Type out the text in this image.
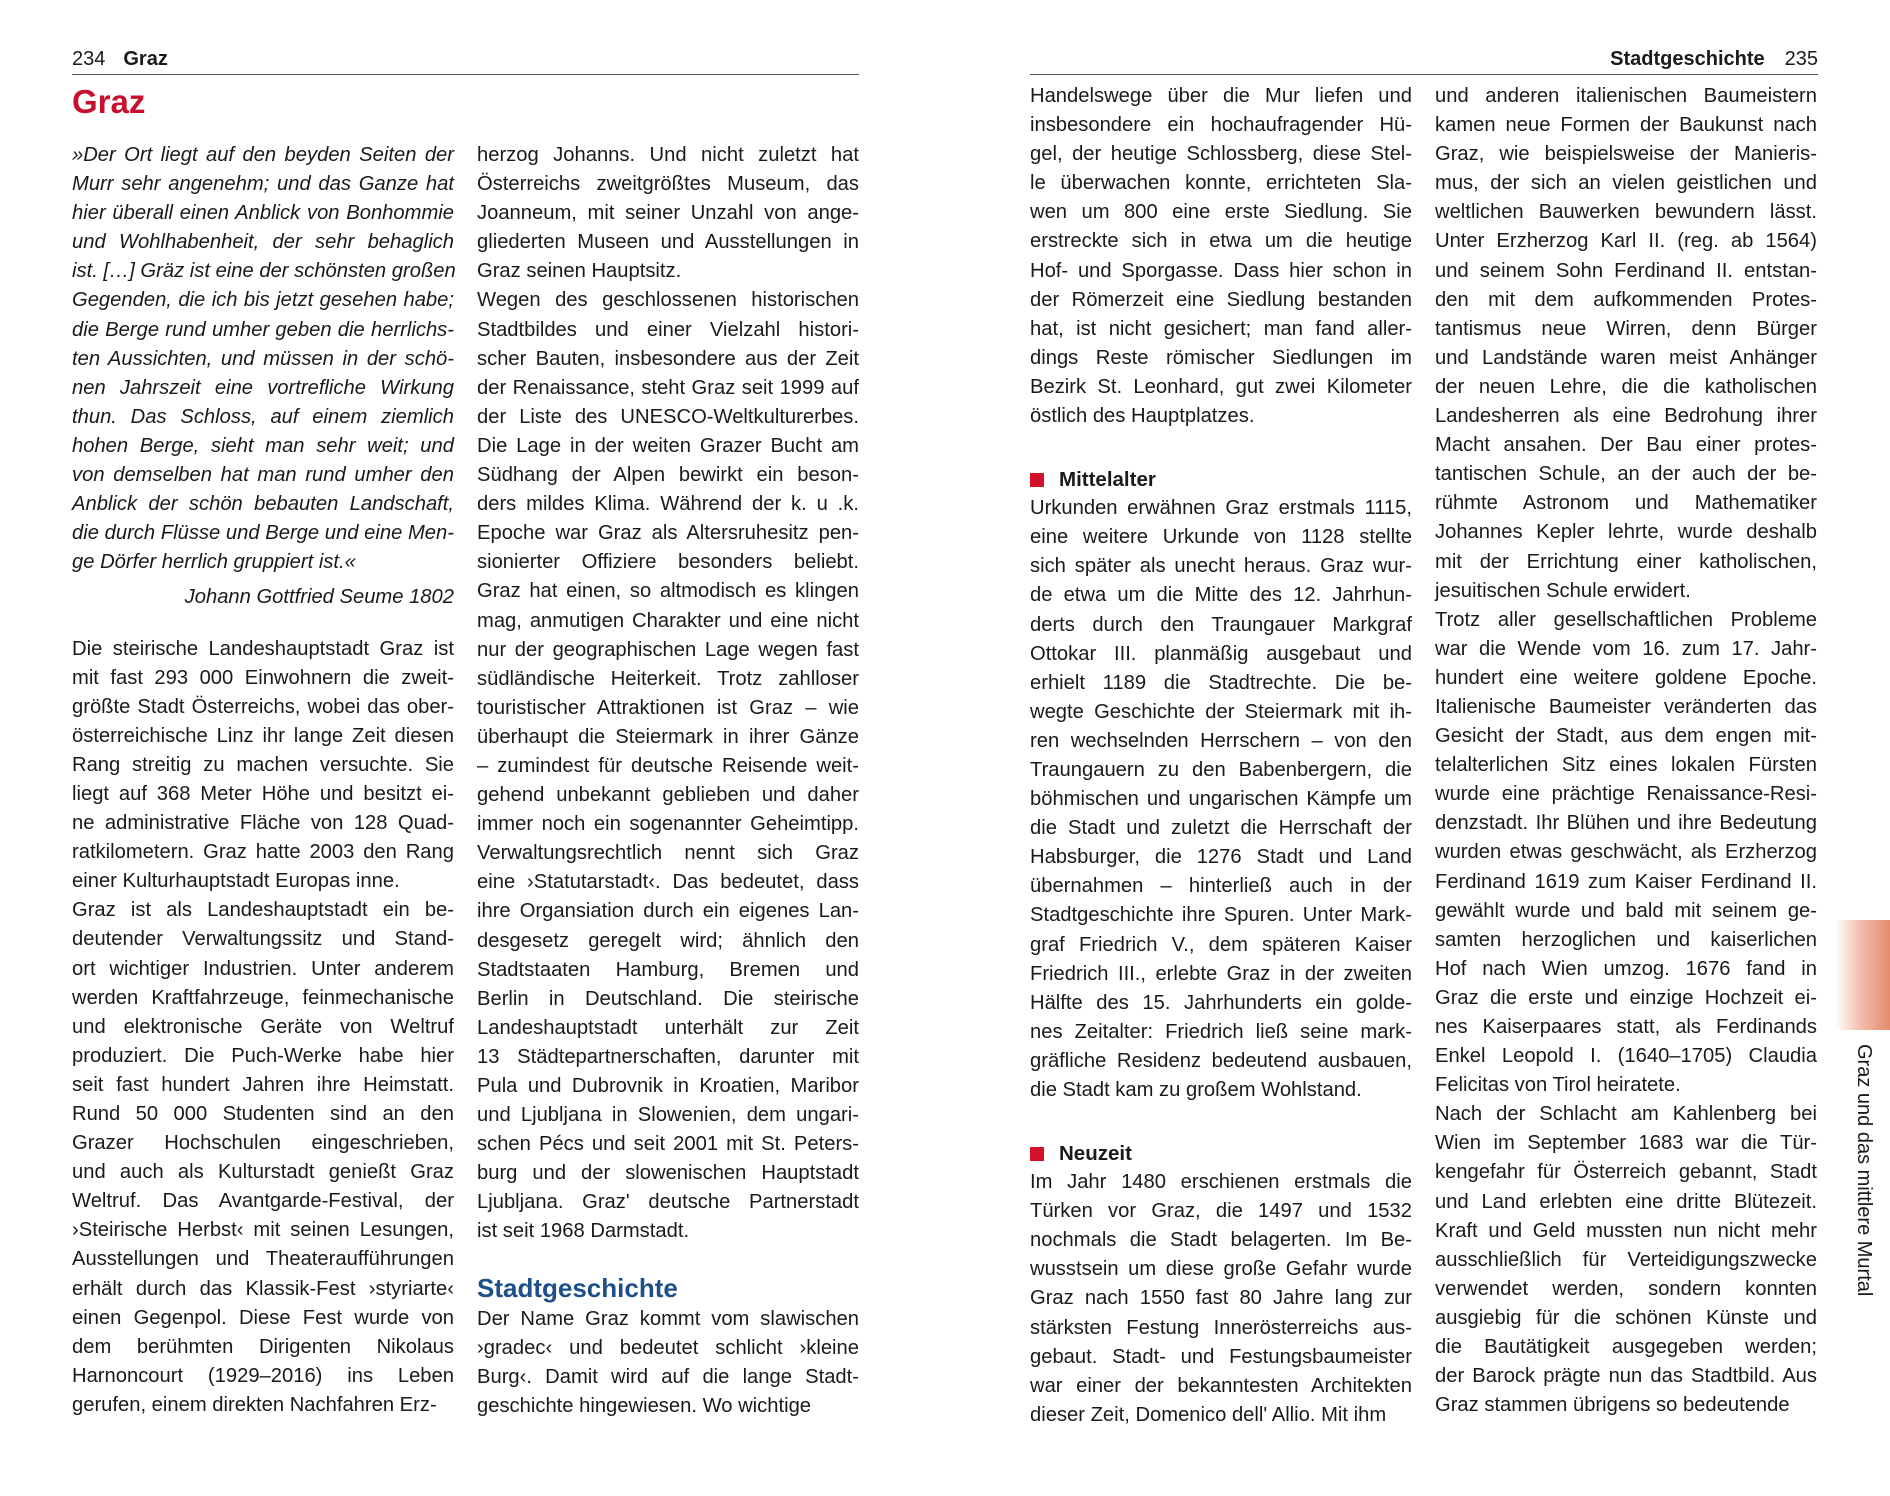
234 Graz
Graz
»Der Ort liegt auf den beyden Seiten der
Murr sehr angenehm; und das Ganze hat
hier überall einen Anblick von Bonhommie
und Wohlhabenheit, der sehr behaglich
ist. […] Gräz ist eine der schönsten großen
Gegenden, die ich bis jetzt gesehen habe;
die Berge rund umher geben die herrlichs-
ten Aussichten, und müssen in der schö-
nen Jahrszeit eine vortrefliche Wirkung
thun. Das Schloss, auf einem ziemlich
hohen Berge, sieht man sehr weit; und
von demselben hat man rund umher den
Anblick der schön bebauten Landschaft,
die durch Flüsse und Berge und eine Men-
ge Dörfer herrlich gruppiert ist.«
Johann Gottfried Seume 1802

Die steirische Landeshauptstadt Graz ist
mit fast 293 000 Einwohnern die zweit-
größte Stadt Österreichs, wobei das ober-
österreichische Linz ihr lange Zeit diesen
Rang streitig zu machen versuchte. Sie
liegt auf 368 Meter Höhe und besitzt ei-
ne administrative Fläche von 128 Quad-
ratkilometern. Graz hatte 2003 den Rang
einer Kulturhauptstadt Europas inne.

Graz ist als Landeshauptstadt ein be-
deutender Verwaltungssitz und Stand-
ort wichtiger Industrien. Unter anderem
werden Kraftfahrzeuge, feinmechanische
und elektronische Geräte von Weltruf
produziert. Die Puch-Werke habe hier
seit fast hundert Jahren ihre Heimstatt.
Rund 50 000 Studenten sind an den
Grazer Hochschulen eingeschrieben,
und auch als Kulturstadt genießt Graz
Weltruf. Das Avantgarde-Festival, der
›Steirische Herbst‹ mit seinen Lesungen,
Ausstellungen und Theateraufführungen
erhält durch das Klassik-Fest ›styriarte‹
einen Gegenpol. Diese Fest wurde von
dem berühmten Dirigenten Nikolaus
Harnoncourt (1929–2016) ins Leben
gerufen, einem direkten Nachfahren Erz-

herzog Johanns. Und nicht zuletzt hat
Österreichs zweitgrößtes Museum, das
Joanneum, mit seiner Unzahl von ange-
gliederten Museen und Ausstellungen in
Graz seinen Hauptsitz.

Wegen des geschlossenen historischen
Stadtbildes und einer Vielzahl histori-
scher Bauten, insbesondere aus der Zeit
der Renaissance, steht Graz seit 1999 auf
der Liste des UNESCO-Weltkulturerbes.
Die Lage in der weiten Grazer Bucht am
Südhang der Alpen bewirkt ein beson-
ders mildes Klima. Während der k. u .k.
Epoche war Graz als Altersruhesitz pen-
sionierter Offiziere besonders beliebt.
Graz hat einen, so altmodisch es klingen
mag, anmutigen Charakter und eine nicht
nur der geographischen Lage wegen fast
südländische Heiterkeit. Trotz zahlloser
touristischer Attraktionen ist Graz – wie
überhaupt die Steiermark in ihrer Gänze
– zumindest für deutsche Reisende weit-
gehend unbekannt geblieben und daher
immer noch ein sogenannter Geheimtipp.
Verwaltungsrechtlich nennt sich Graz
eine ›Statutarstadt‹. Das bedeutet, dass
ihre Organsiation durch ein eigenes Lan-
desgesetz geregelt wird; ähnlich den
Stadtstaaten Hamburg, Bremen und
Berlin in Deutschland. Die steirische
Landeshauptstadt unterhält zur Zeit
13 Städtepartnerschaften, darunter mit
Pula und Dubrovnik in Kroatien, Maribor
und Ljubljana in Slowenien, dem ungari-
schen Pécs und seit 2001 mit St. Peters-
burg und der slowenischen Hauptstadt
Ljubljana. Graz' deutsche Partnerstadt
ist seit 1968 Darmstadt.

Stadtgeschichte

Der Name Graz kommt vom slawischen
›gradec‹ und bedeutet schlicht ›kleine
Burg‹. Damit wird auf die lange Stadt-
geschichte hingewiesen. Wo wichtige

Stadtgeschichte 235

Handelswege über die Mur liefen und
insbesondere ein hochaufragender Hü-
gel, der heutige Schlossberg, diese Stel-
le überwachen konnte, errichteten Sla-
wen um 800 eine erste Siedlung. Sie
erstreckte sich in etwa um die heutige
Hof- und Sporgasse. Dass hier schon in
der Römerzeit eine Siedlung bestanden
hat, ist nicht gesichert; man fand aller-
dings Reste römischer Siedlungen im
Bezirk St. Leonhard, gut zwei Kilometer
östlich des Hauptplatzes.

Mittelalter

Urkunden erwähnen Graz erstmals 1115,
eine weitere Urkunde von 1128 stellte
sich später als unecht heraus. Graz wur-
de etwa um die Mitte des 12. Jahrhun-
derts durch den Traungauer Markgraf
Ottokar III. planmäßig ausgebaut und
erhielt 1189 die Stadtrechte. Die be-
wegte Geschichte der Steiermark mit ih-
ren wechselnden Herrschern – von den
Traungauern zu den Babenbergern, die
böhmischen und ungarischen Kämpfe um
die Stadt und zuletzt die Herrschaft der
Habsburger, die 1276 Stadt und Land
übernahmen – hinterließ auch in der
Stadtgeschichte ihre Spuren. Unter Mark-
graf Friedrich V., dem späteren Kaiser
Friedrich III., erlebte Graz in der zweiten
Hälfte des 15. Jahrhunderts ein golde-
nes Zeitalter: Friedrich ließ seine mark-
gräfliche Residenz bedeutend ausbauen,
die Stadt kam zu großem Wohlstand.

Neuzeit

Im Jahr 1480 erschienen erstmals die
Türken vor Graz, die 1497 und 1532
nochmals die Stadt belagerten. Im Be-
wusstsein um diese große Gefahr wurde
Graz nach 1550 fast 80 Jahre lang zur
stärksten Festung Innerösterreichs aus-
gebaut. Stadt- und Festungsbaumeister
war einer der bekanntesten Architekten
dieser Zeit, Domenico dell' Allio. Mit ihm

und anderen italienischen Baumeistern
kamen neue Formen der Baukunst nach
Graz, wie beispielsweise der Manieris-
mus, der sich an vielen geistlichen und
weltlichen Bauwerken bewundern lässt.
Unter Erzherzog Karl II. (reg. ab 1564)
und seinem Sohn Ferdinand II. entstan-
den mit dem aufkommenden Protes-
tantismus neue Wirren, denn Bürger
und Landstände waren meist Anhänger
der neuen Lehre, die die katholischen
Landesherren als eine Bedrohung ihrer
Macht ansahen. Der Bau einer protes-
tantischen Schule, an der auch der be-
rühmte Astronom und Mathematiker
Johannes Kepler lehrte, wurde deshalb
mit der Errichtung einer katholischen,
jesuitischen Schule erwidert.

Trotz aller gesellschaftlichen Probleme
war die Wende vom 16. zum 17. Jahr-
hundert eine weitere goldene Epoche.
Italienische Baumeister veränderten das
Gesicht der Stadt, aus dem engen mit-
telalterlichen Sitz eines lokalen Fürsten
wurde eine prächtige Renaissance-Resi-
denzstadt. Ihr Blühen und ihre Bedeutung
wurden etwas geschwächt, als Erzherzog
Ferdinand 1619 zum Kaiser Ferdinand II.
gewählt wurde und bald mit seinem ge-
samten herzoglichen und kaiserlichen
Hof nach Wien umzog. 1676 fand in
Graz die erste und einzige Hochzeit ei-
nes Kaiserpaares statt, als Ferdinands
Enkel Leopold I. (1640–1705) Claudia
Felicitas von Tirol heiratete.

Nach der Schlacht am Kahlenberg bei
Wien im September 1683 war die Tür-
kengefahr für Österreich gebannt, Stadt
und Land erlebten eine dritte Blütezeit.
Kraft und Geld mussten nun nicht mehr
ausschließlich für Verteidigungszwecke
verwendet werden, sondern konnten
ausgiebig für die schönen Künste und
die Bautätigkeit ausgegeben werden;
der Barock prägte nun das Stadtbild. Aus
Graz stammen übrigens so bedeutende

Graz und das mittlere Murtal
